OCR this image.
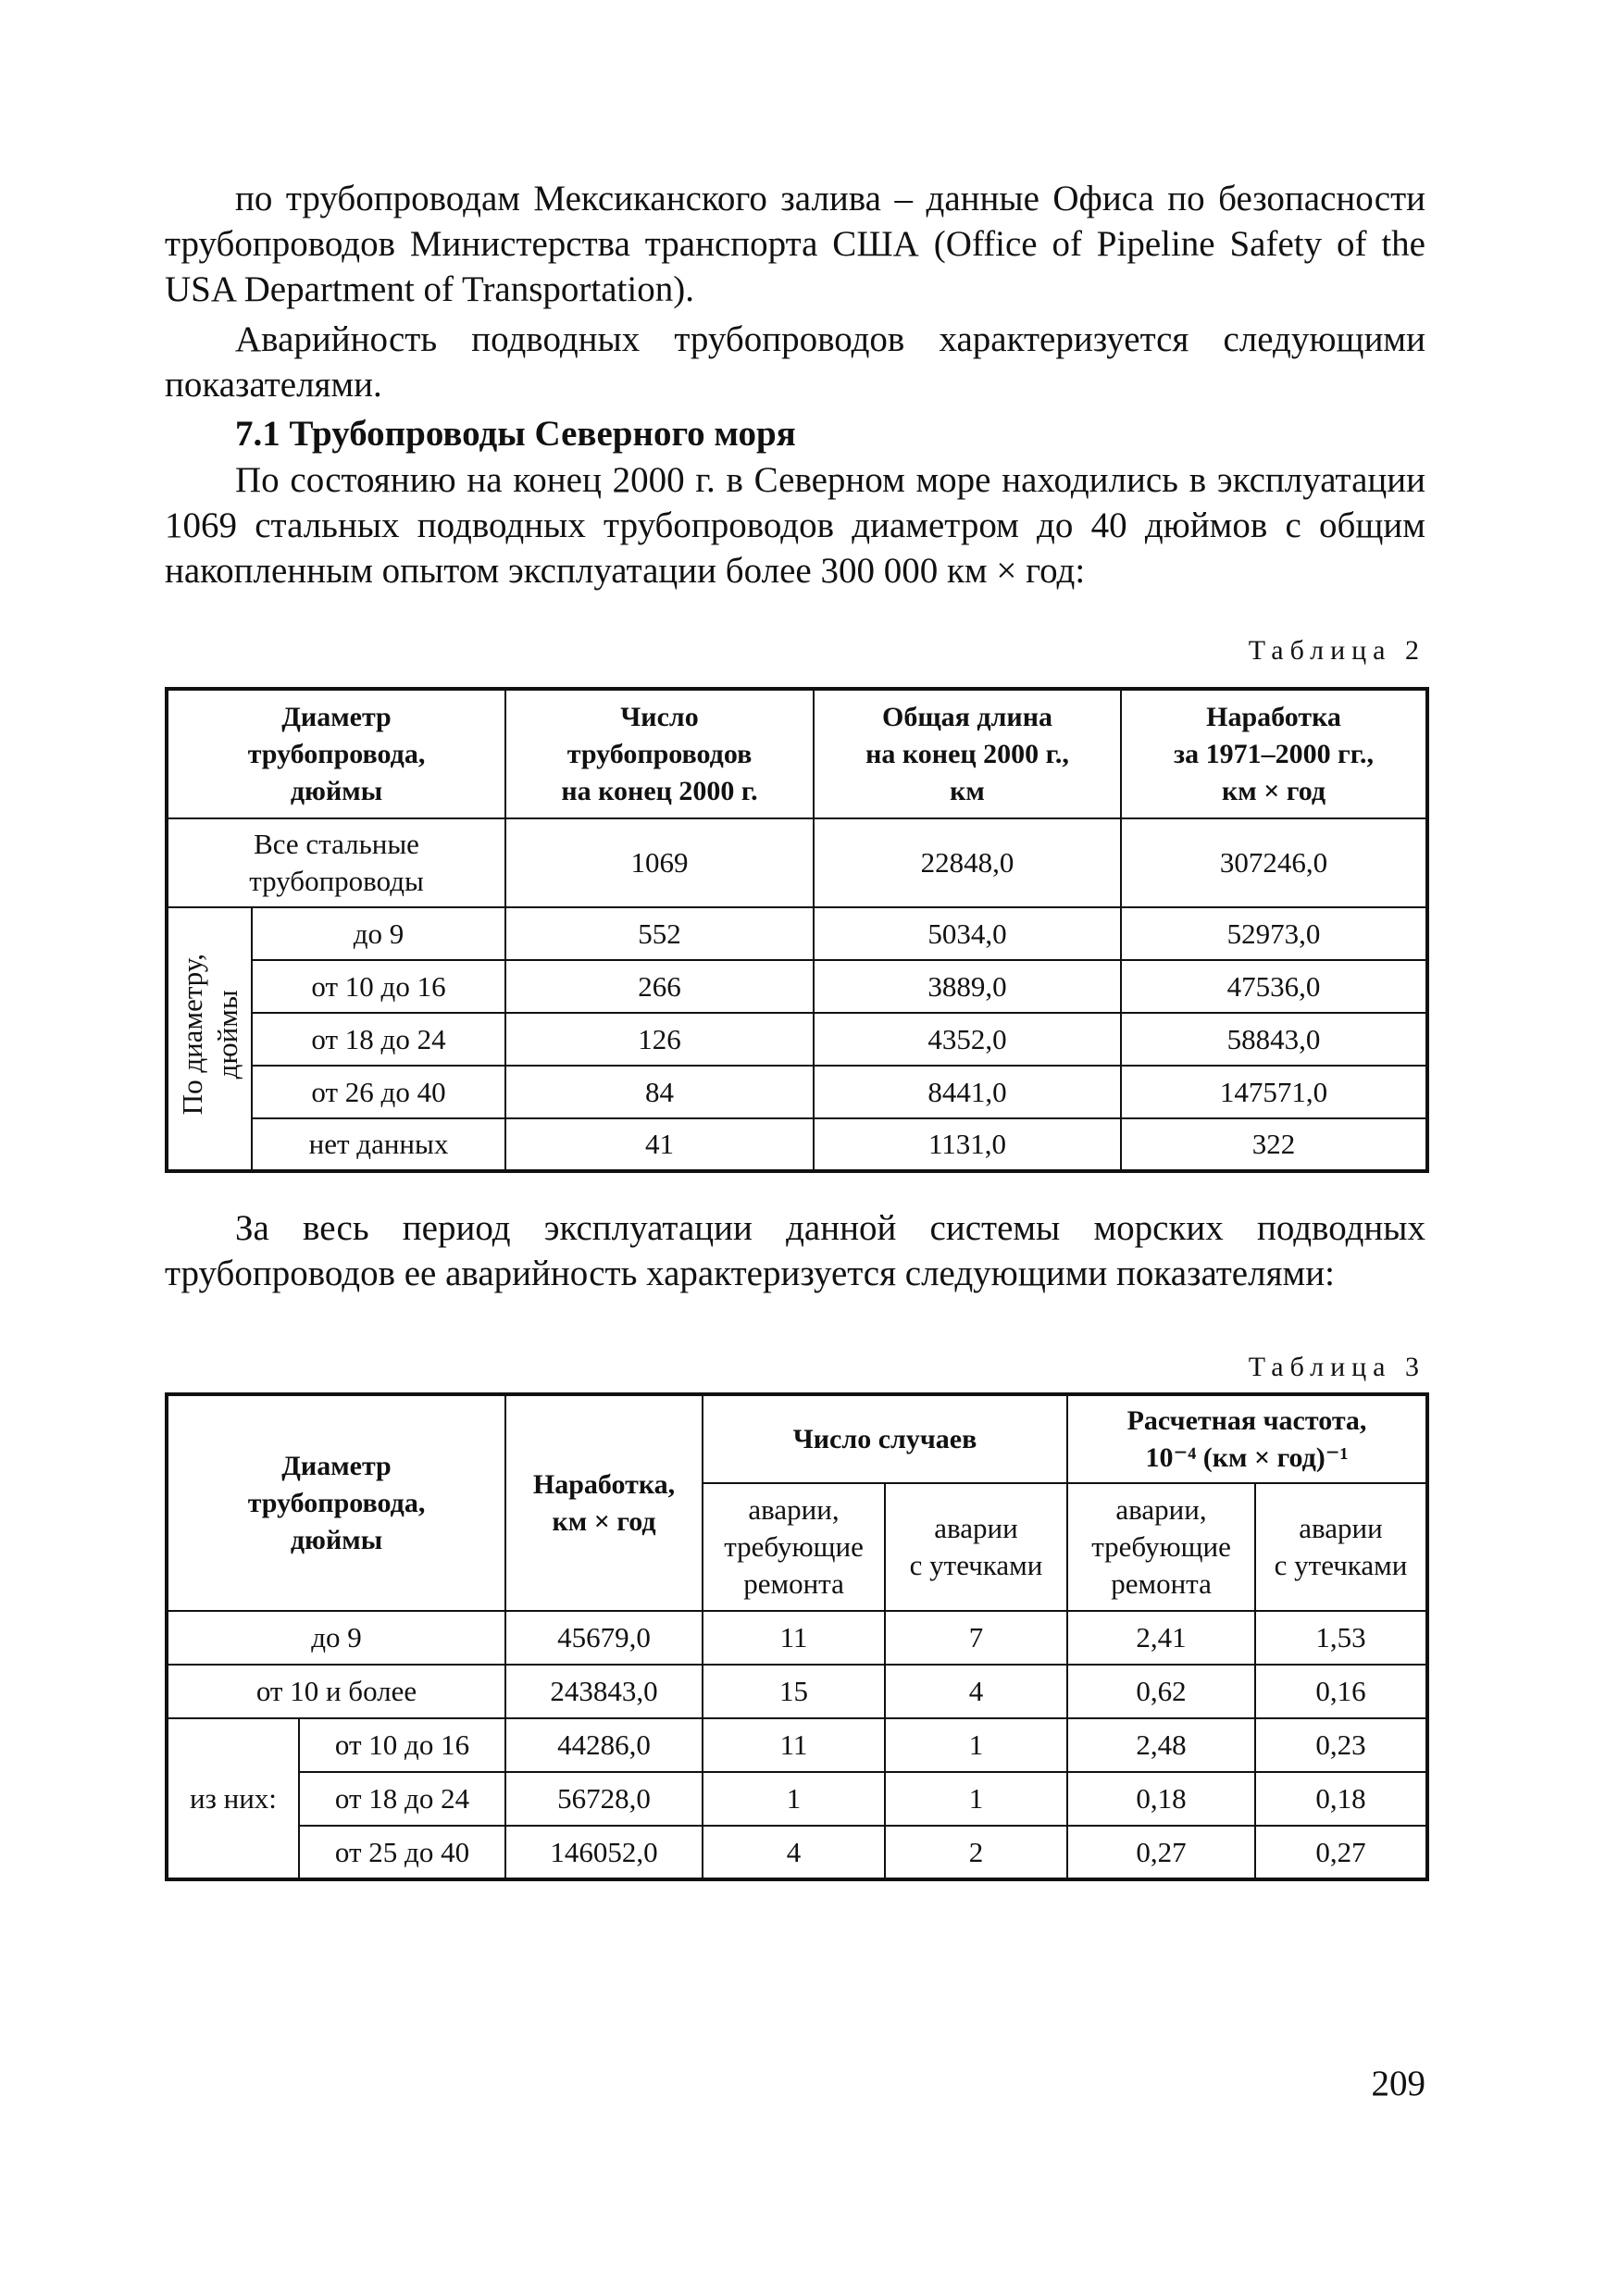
по трубопроводам Мексиканского залива – данные Офиса по безопасности трубопроводов Министерства транспорта США (Office of Pipeline Safety of the USA Department of Transportation).

Аварийность подводных трубопроводов характеризуется следующими показателями.

7.1 Трубопроводы Северного моря

По состоянию на конец 2000 г. в Северном море находились в эксплуатации 1069 стальных подводных трубопроводов диаметром до 40 дюймов с общим накопленным опытом эксплуатации более 300 000 км × год:

Таблица 2

Диаметр
трубопровода,
дюймы		Число
трубопроводов
на конец 2000 г.	Общая длина
на конец 2000 г.,
км	Наработка
за 1971–2000 гг.,
км × год

Все стальные
трубопроводы		1069	22848,0	307246,0

По диаметру, дюймы	до 9	552	5034,0	52973,0
	от 10 до 16	266	3889,0	47536,0
	от 18 до 24	126	4352,0	58843,0
	от 26 до 40	84	8441,0	147571,0
	нет данных	41	1131,0	322

За весь период эксплуатации данной системы морских подводных трубопроводов ее аварийность характеризуется следующими показателями:

Таблица 3

Диаметр
трубопровода,
дюймы		Наработка,
км × год	Число случаев		Расчетная частота,
10⁻⁴ (км × год)⁻¹	

			аварии,
требующие
ремонта	аварии
с утечками	аварии,
требующие
ремонта	аварии
с утечками

до 9		45679,0	11	7	2,41	1,53
от 10 и более		243843,0	15	4	0,62	0,16
из них:	от 10 до 16	44286,0	11	1	2,48	0,23
	от 18 до 24	56728,0	1	1	0,18	0,18
	от 25 до 40	146052,0	4	2	0,27	0,27

209
